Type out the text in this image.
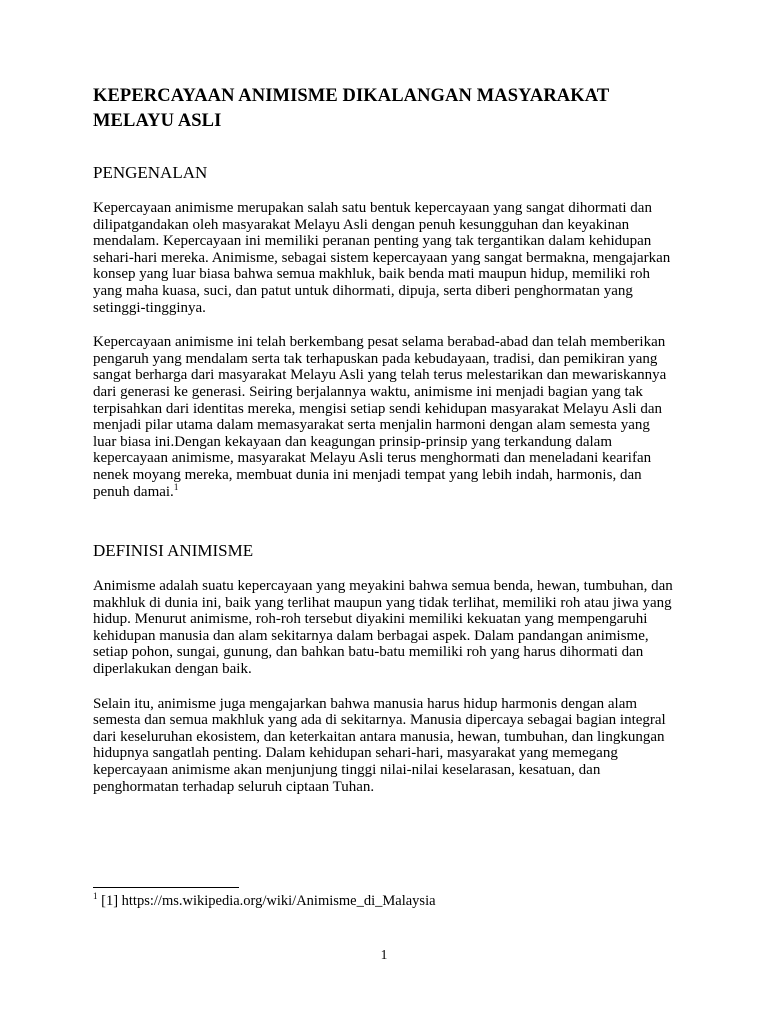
KEPERCAYAAN ANIMISME DIKALANGAN MASYARAKAT MELAYU ASLI
PENGENALAN

Kepercayaan animisme merupakan salah satu bentuk kepercayaan yang sangat dihormati dan dilipatgandakan oleh masyarakat Melayu Asli dengan penuh kesungguhan dan keyakinan mendalam. Kepercayaan ini memiliki peranan penting yang tak tergantikan dalam kehidupan sehari-hari mereka. Animisme, sebagai sistem kepercayaan yang sangat bermakna, mengajarkan konsep yang luar biasa bahwa semua makhluk, baik benda mati maupun hidup, memiliki roh yang maha kuasa, suci, dan patut untuk dihormati, dipuja, serta diberi penghormatan yang setinggi-tingginya.

Kepercayaan animisme ini telah berkembang pesat selama berabad-abad dan telah memberikan pengaruh yang mendalam serta tak terhapuskan pada kebudayaan, tradisi, dan pemikiran yang sangat berharga dari masyarakat Melayu Asli yang telah terus melestarikan dan mewariskannya dari generasi ke generasi. Seiring berjalannya waktu, animisme ini menjadi bagian yang tak terpisahkan dari identitas mereka, mengisi setiap sendi kehidupan masyarakat Melayu Asli dan menjadi pilar utama dalam memasyarakat serta menjalin harmoni dengan alam semesta yang luar biasa ini.Dengan kekayaan dan keagungan prinsip-prinsip yang terkandung dalam kepercayaan animisme, masyarakat Melayu Asli terus menghormati dan meneladani kearifan nenek moyang mereka, membuat dunia ini menjadi tempat yang lebih indah, harmonis, dan penuh damai.$^1$

DEFINISI ANIMISME

Animisme adalah suatu kepercayaan yang meyakini bahwa semua benda, hewan, tumbuhan, dan makhluk di dunia ini, baik yang terlihat maupun yang tidak terlihat, memiliki roh atau jiwa yang hidup. Menurut animisme, roh-roh tersebut diyakini memiliki kekuatan yang mempengaruhi kehidupan manusia dan alam sekitarnya dalam berbagai aspek. Dalam pandangan animisme, setiap pohon, sungai, gunung, dan bahkan batu-batu memiliki roh yang harus dihormati dan diperlakukan dengan baik.

Selain itu, animisme juga mengajarkan bahwa manusia harus hidup harmonis dengan alam semesta dan semua makhluk yang ada di sekitarnya. Manusia dipercaya sebagai bagian integral dari keseluruhan ekosistem, dan keterkaitan antara manusia, hewan, tumbuhan, dan lingkungan hidupnya sangatlah penting. Dalam kehidupan sehari-hari, masyarakat yang memegang kepercayaan animisme akan menjunjung tinggi nilai-nilai keselarasan, kesatuan, dan penghormatan terhadap seluruh ciptaan Tuhan.

$^1$ [1] https://ms.wikipedia.org/wiki/Animisme_di_Malaysia
1
